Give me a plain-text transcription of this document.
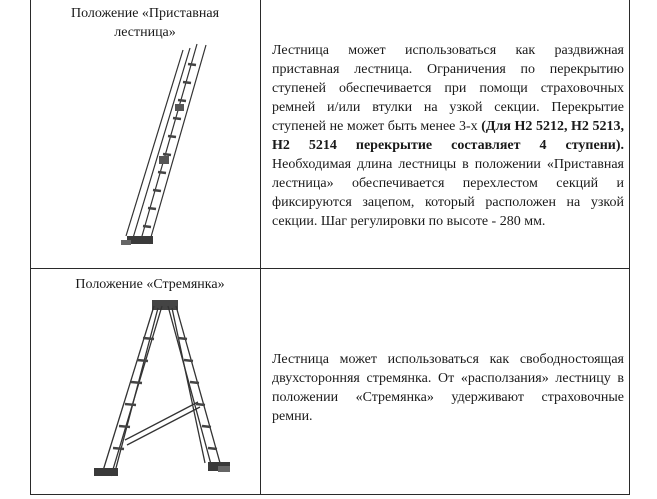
Положение «Приставная лестница»
Лестница может использоваться как раздвижная приставная лестница. Ограничения по перекрытию ступеней обеспечивается при помощи страховочных ремней и/или втулки на узкой секции. Перекрытие ступеней не может быть менее 3-х (Для Н2 5212, Н2 5213, Н2 5214 перекрытие составляет 4 ступени). Необходимая длина лестницы в положении «Приставная лестница» обеспечивается перехлестом секций и фиксируются зацепом, который расположен на узкой секции. Шаг регулировки по высоте - 280 мм.
Положение «Стремянка»
Лестница может использоваться как свободностоящая двухсторонняя стремянка. От «расползания» лестницу в положении «Стремянка» удерживают страховочные ремни.
